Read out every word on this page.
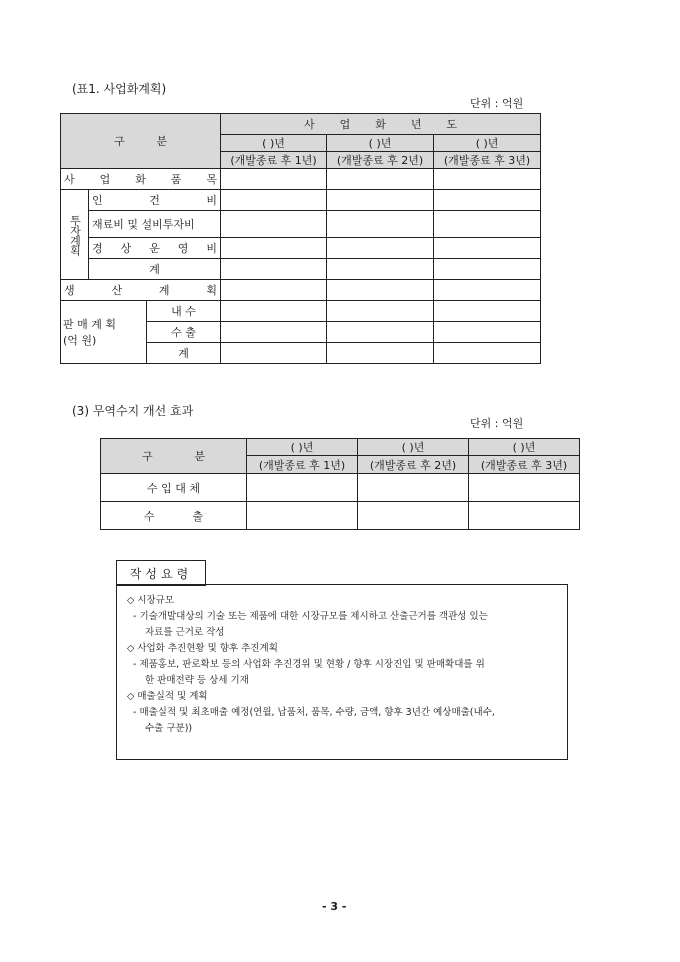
(표1. 사업화계획)
단위 : 억원
구 분			사 업 화 년 도		

			( )년	( )년	( )년
			(개발종료 후 1년)	(개발종료 후 2년)	(개발종료 후 3년)

사 업 화 품 목					

투자계획	인 건 비				

	재료비 및 설비투자비				

	경 상 운 영 비				

	계				

생 산 계 획					

판 매 계 획
(억 원)		내 수			
		수 출			
		계			
(3) 무역수지 개선 효과
단위 : 억원
구 분	( )년	( )년	( )년
	(개발종료 후 1년)	(개발종료 후 2년)	(개발종료 후 3년)
수 입 대 체			

수 출			

작성요령

◇ 시장규모

- 기술개발대상의 기술 또는 제품에 대한 시장규모를 제시하고 산출근거를 객관성 있는

자료를 근거로 작성

◇ 사업화 추진현황 및 향후 추진계획

- 제품홍보, 판로확보 등의 사업화 추진경위 및 현황 / 향후 시장진입 및 판매확대를 위

한 판매전략 등 상세 기재

◇ 매출실적 및 계획

- 매출실적 및 최초매출 예정(연월, 납품처, 품목, 수량, 금액, 향후 3년간 예상매출(내수,

수출 구분))

- 3 -
